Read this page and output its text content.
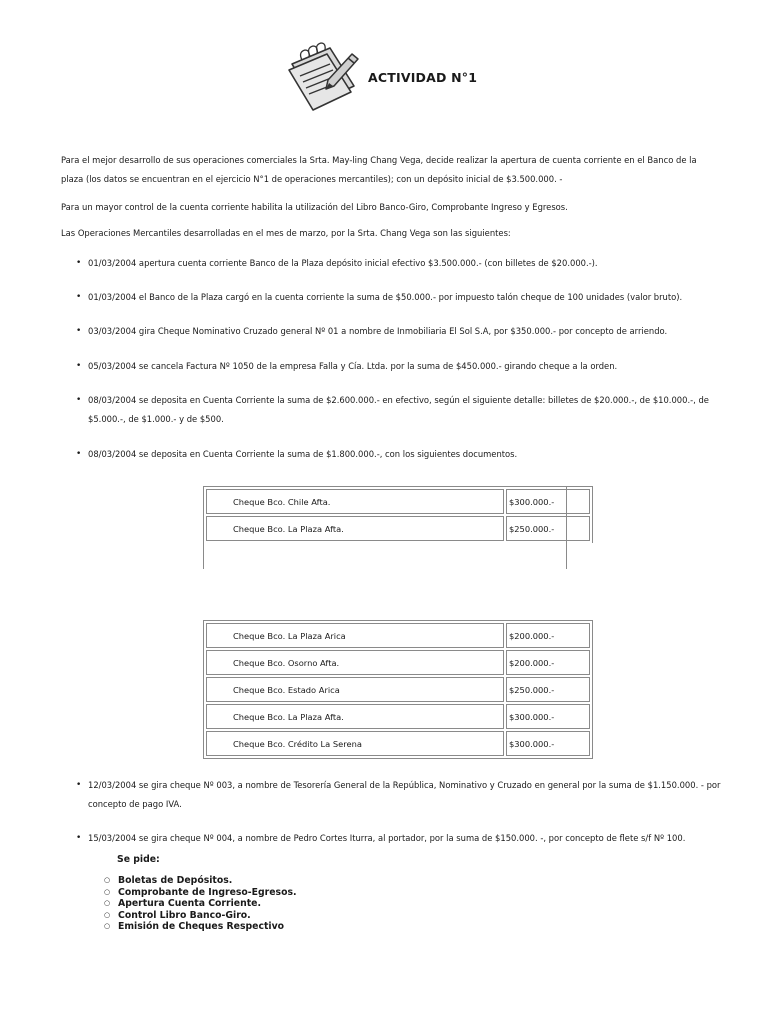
ACTIVIDAD N°1

Para el mejor desarrollo de sus operaciones comerciales la Srta. May-ling Chang Vega, decide realizar la apertura de cuenta corriente en el Banco de la plaza (los datos se encuentran en el ejercicio N°1 de operaciones mercantiles); con un depósito inicial de $3.500.000. -

Para un mayor control de la cuenta corriente habilita la utilización del Libro Banco-Giro, Comprobante Ingreso y Egresos.

Las Operaciones Mercantiles desarrolladas en el mes de marzo, por la Srta. Chang Vega son las siguientes:

• 01/03/2004 apertura cuenta corriente Banco de la Plaza depósito inicial efectivo $3.500.000.- (con billetes de $20.000.-).
• 01/03/2004 el Banco de la Plaza cargó en la cuenta corriente la suma de $50.000.- por impuesto talón cheque de 100 unidades (valor bruto).
• 03/03/2004 gira Cheque Nominativo Cruzado general Nº 01 a nombre de Inmobiliaria El Sol S.A, por $350.000.- por concepto de arriendo.
• 05/03/2004 se cancela Factura Nº 1050 de la empresa Falla y Cía. Ltda. por la suma de $450.000.- girando cheque a la orden.
• 08/03/2004 se deposita en Cuenta Corriente la suma de $2.600.000.- en efectivo, según el siguiente detalle: billetes de $20.000.-, de $10.000.-, de $5.000.-, de $1.000.- y de $500.
• 08/03/2004 se deposita en Cuenta Corriente la suma de $1.800.000.-, con los siguientes documentos.
Cheque Bco. Chile Afta.	$300.000.-
Cheque Bco. La Plaza Afta.	$250.000.-
Cheque Bco. La Plaza Arica	$200.000.-
Cheque Bco. Osorno Afta.	$200.000.-
Cheque Bco. Estado Arica	$250.000.-
Cheque Bco. La Plaza Afta.	$300.000.-
Cheque Bco. Crédito La Serena	$300.000.-
• 12/03/2004 se gira cheque Nº 003, a nombre de Tesorería General de la República, Nominativo y Cruzado en general por la suma de $1.150.000. - por concepto de pago IVA.
• 15/03/2004 se gira cheque Nº 004, a nombre de Pedro Cortes Iturra, al portador, por la suma de $150.000. -, por concepto de flete s/f Nº 100.
Se pide:
○ Boletas de Depósitos.
○ Comprobante de Ingreso-Egresos.
○ Apertura Cuenta Corriente.
○ Control Libro Banco-Giro.
○ Emisión de Cheques Respectivo
